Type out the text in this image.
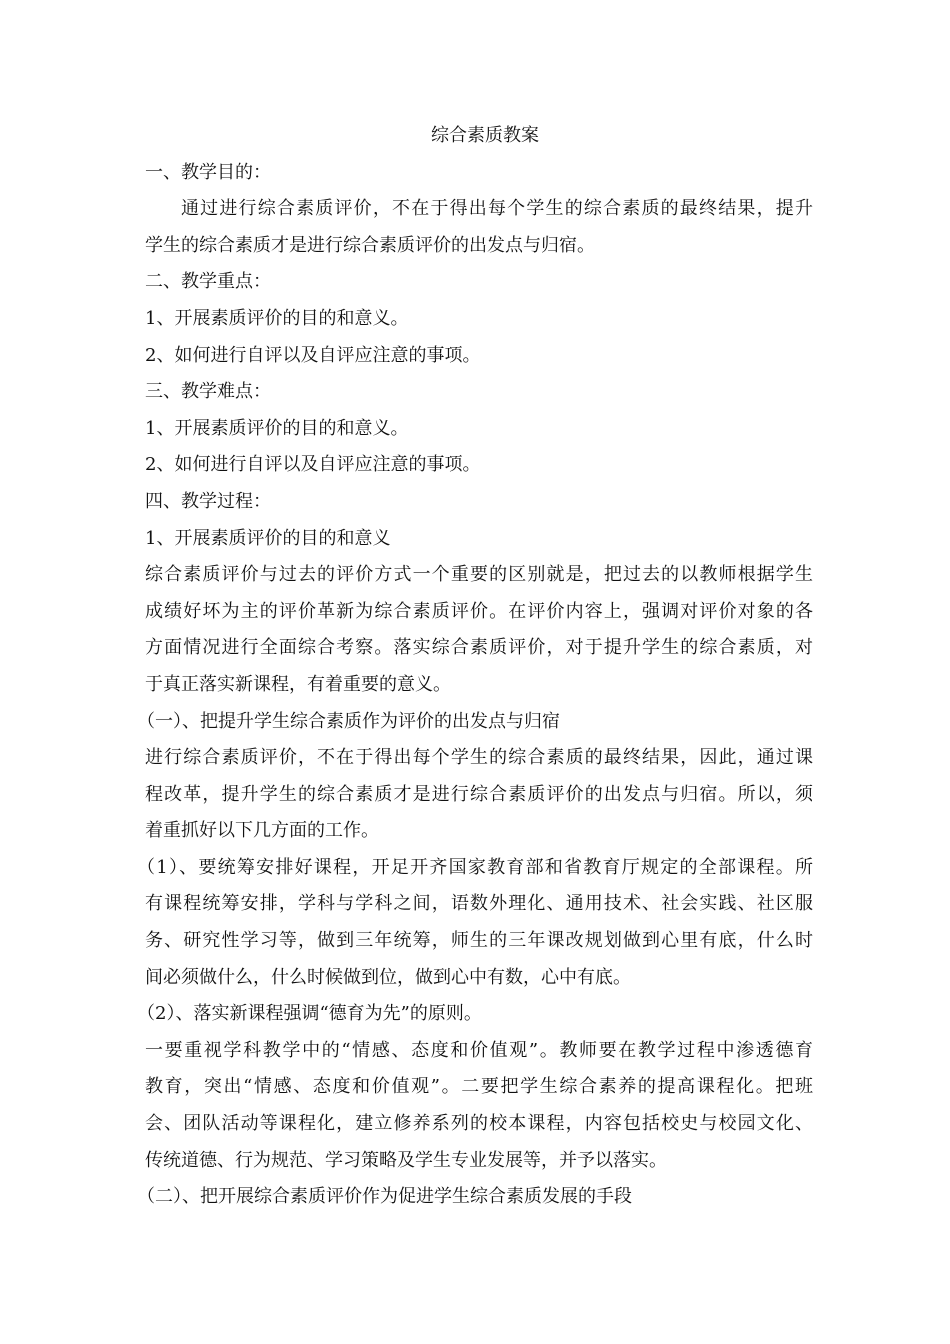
综合素质教案
一、教学目的：
通过进行综合素质评价，不在于得出每个学生的综合素质的最终结果，提升
学生的综合素质才是进行综合素质评价的出发点与归宿。
二、教学重点：
1、开展素质评价的目的和意义。
2、如何进行自评以及自评应注意的事项。
三、教学难点：
1、开展素质评价的目的和意义。
2、如何进行自评以及自评应注意的事项。
四、教学过程：
1、开展素质评价的目的和意义
综合素质评价与过去的评价方式一个重要的区别就是，把过去的以教师根据学生
成绩好坏为主的评价革新为综合素质评价。在评价内容上，强调对评价对象的各
方面情况进行全面综合考察。落实综合素质评价，对于提升学生的综合素质，对
于真正落实新课程，有着重要的意义。
（一）、把提升学生综合素质作为评价的出发点与归宿
进行综合素质评价，不在于得出每个学生的综合素质的最终结果，因此，通过课
程改革，提升学生的综合素质才是进行综合素质评价的出发点与归宿。所以，须
着重抓好以下几方面的工作。
（1）、要统筹安排好课程，开足开齐国家教育部和省教育厅规定的全部课程。所
有课程统筹安排，学科与学科之间，语数外理化、通用技术、社会实践、社区服
务、研究性学习等，做到三年统筹，师生的三年课改规划做到心里有底，什么时
间必须做什么，什么时候做到位，做到心中有数，心中有底。
（2）、落实新课程强调“德育为先”的原则。
一要重视学科教学中的“情感、态度和价值观”。教师要在教学过程中渗透德育
教育，突出“情感、态度和价值观”。二要把学生综合素养的提高课程化。把班
会、团队活动等课程化，建立修养系列的校本课程，内容包括校史与校园文化、
传统道德、行为规范、学习策略及学生专业发展等，并予以落实。
（二）、把开展综合素质评价作为促进学生综合素质发展的手段
